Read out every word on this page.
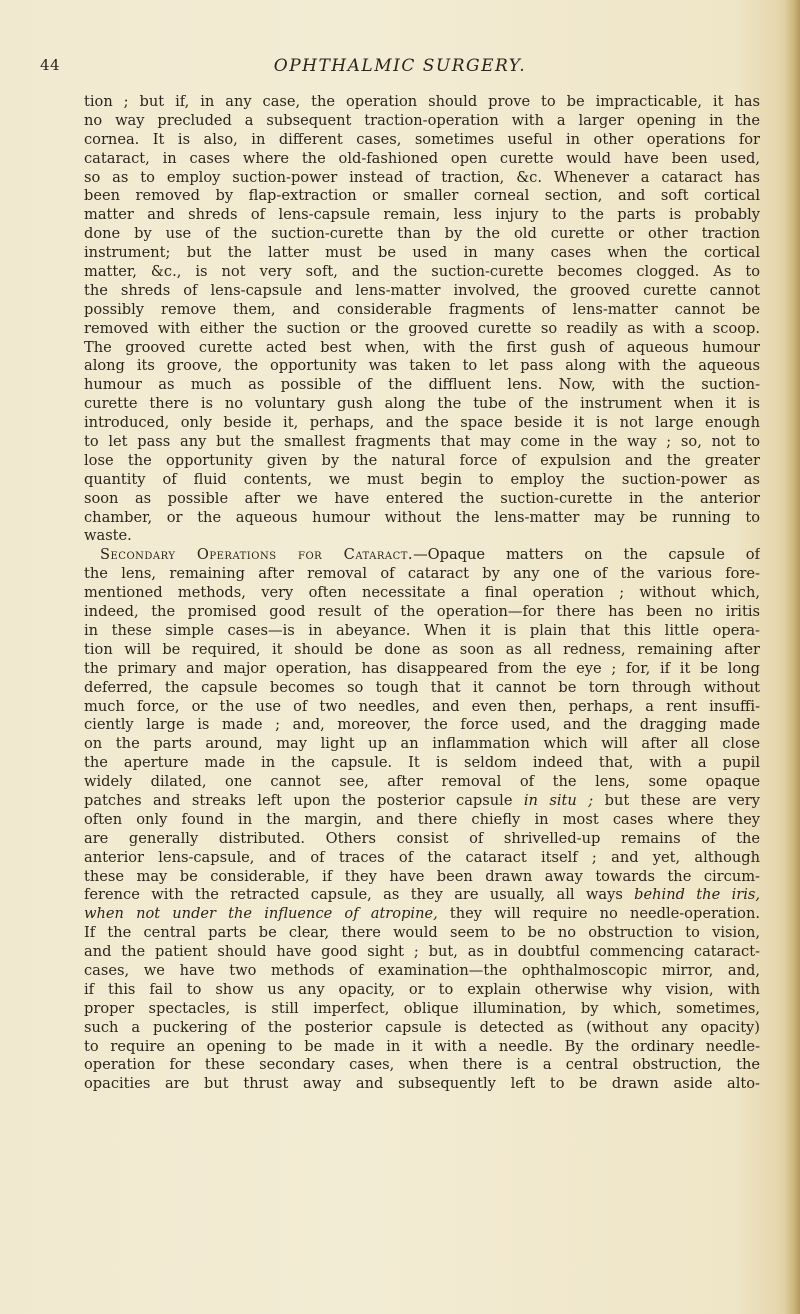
44	OPHTHALMIC SURGERY.
tion ; but if, in any case, the operation should prove to be impracticable, it has
no way precluded a subsequent traction-operation with a larger opening in the
cornea. It is also, in different cases, sometimes useful in other operations for
cataract, in cases where the old-fashioned open curette would have been used,
so as to employ suction-power instead of traction, &c. Whenever a cataract has
been removed by flap-extraction or smaller corneal section, and soft cortical
matter and shreds of lens-capsule remain, less injury to the parts is probably
done by use of the suction-curette than by the old curette or other traction
instrument; but the latter must be used in many cases when the cortical
matter, &c., is not very soft, and the suction-curette becomes clogged. As to
the shreds of lens-capsule and lens-matter involved, the grooved curette cannot
possibly remove them, and considerable fragments of lens-matter cannot be
removed with either the suction or the grooved curette so readily as with a scoop.
The grooved curette acted best when, with the first gush of aqueous humour
along its groove, the opportunity was taken to let pass along with the aqueous
humour as much as possible of the diffluent lens. Now, with the suction-
curette there is no voluntary gush along the tube of the instrument when it is
introduced, only beside it, perhaps, and the space beside it is not large enough
to let pass any but the smallest fragments that may come in the way ; so, not to
lose the opportunity given by the natural force of expulsion and the greater
quantity of fluid contents, we must begin to employ the suction-power as
soon as possible after we have entered the suction-curette in the anterior
chamber, or the aqueous humour without the lens-matter may be running to
waste.
Secondary Operations for Cataract.—Opaque matters on the capsule of
the lens, remaining after removal of cataract by any one of the various fore-
mentioned methods, very often necessitate a final operation ; without which,
indeed, the promised good result of the operation—for there has been no iritis
in these simple cases—is in abeyance. When it is plain that this little opera-
tion will be required, it should be done as soon as all redness, remaining after
the primary and major operation, has disappeared from the eye ; for, if it be long
deferred, the capsule becomes so tough that it cannot be torn through without
much force, or the use of two needles, and even then, perhaps, a rent insuffi-
ciently large is made ; and, moreover, the force used, and the dragging made
on the parts around, may light up an inflammation which will after all close
the aperture made in the capsule. It is seldom indeed that, with a pupil
widely dilated, one cannot see, after removal of the lens, some opaque
patches and streaks left upon the posterior capsule in situ ; but these are very
often only found in the margin, and there chiefly in most cases where they
are generally distributed. Others consist of shrivelled-up remains of the
anterior lens-capsule, and of traces of the cataract itself ; and yet, although
these may be considerable, if they have been drawn away towards the circum-
ference with the retracted capsule, as they are usually, all ways behind the iris,
when not under the influence of atropine, they will require no needle-operation.
If the central parts be clear, there would seem to be no obstruction to vision,
and the patient should have good sight ; but, as in doubtful commencing cataract-
cases, we have two methods of examination—the ophthalmoscopic mirror, and,
if this fail to show us any opacity, or to explain otherwise why vision, with
proper spectacles, is still imperfect, oblique illumination, by which, sometimes,
such a puckering of the posterior capsule is detected as (without any opacity)
to require an opening to be made in it with a needle. By the ordinary needle-
operation for these secondary cases, when there is a central obstruction, the
opacities are but thrust away and subsequently left to be drawn aside alto-
